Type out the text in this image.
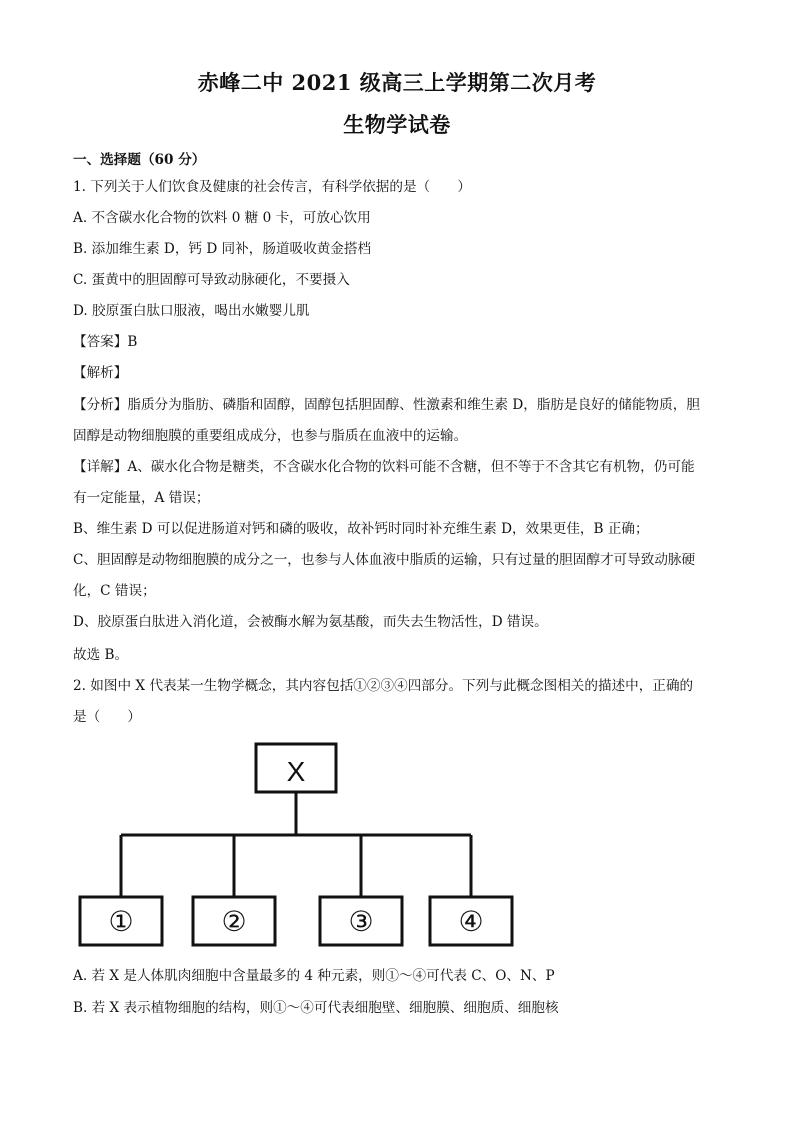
赤峰二中 2021 级高三上学期第二次月考
生物学试卷
一、选择题（60 分）
1. 下列关于人们饮食及健康的社会传言，有科学依据的是（　　）
A. 不含碳水化合物的饮料 0 糖 0 卡，可放心饮用
B. 添加维生素 D，钙 D 同补，肠道吸收黄金搭档
C. 蛋黄中的胆固醇可导致动脉硬化，不要摄入
D. 胶原蛋白肽口服液，喝出水嫩婴儿肌
【答案】B
【解析】
【分析】脂质分为脂肪、磷脂和固醇，固醇包括胆固醇、性激素和维生素 D，脂肪是良好的储能物质，胆
固醇是动物细胞膜的重要组成成分，也参与脂质在血液中的运输。
【详解】A、碳水化合物是糖类，不含碳水化合物的饮料可能不含糖，但不等于不含其它有机物，仍可能
有一定能量，A 错误；
B、维生素 D 可以促进肠道对钙和磷的吸收，故补钙时同时补充维生素 D，效果更佳，B 正确；
C、胆固醇是动物细胞膜的成分之一，也参与人体血液中脂质的运输，只有过量的胆固醇才可导致动脉硬
化，C 错误；
D、胶原蛋白肽进入消化道，会被酶水解为氨基酸，而失去生物活性，D 错误。
故选 B。
2. 如图中 X 代表某一生物学概念，其内容包括①②③④四部分。下列与此概念图相关的描述中，正确的
是（　　）
X
①	②	③	④
A. 若 X 是人体肌肉细胞中含量最多的 4 种元素，则①～④可代表 C、O、N、P
B. 若 X 表示植物细胞的结构，则①～④可代表细胞壁、细胞膜、细胞质、细胞核
